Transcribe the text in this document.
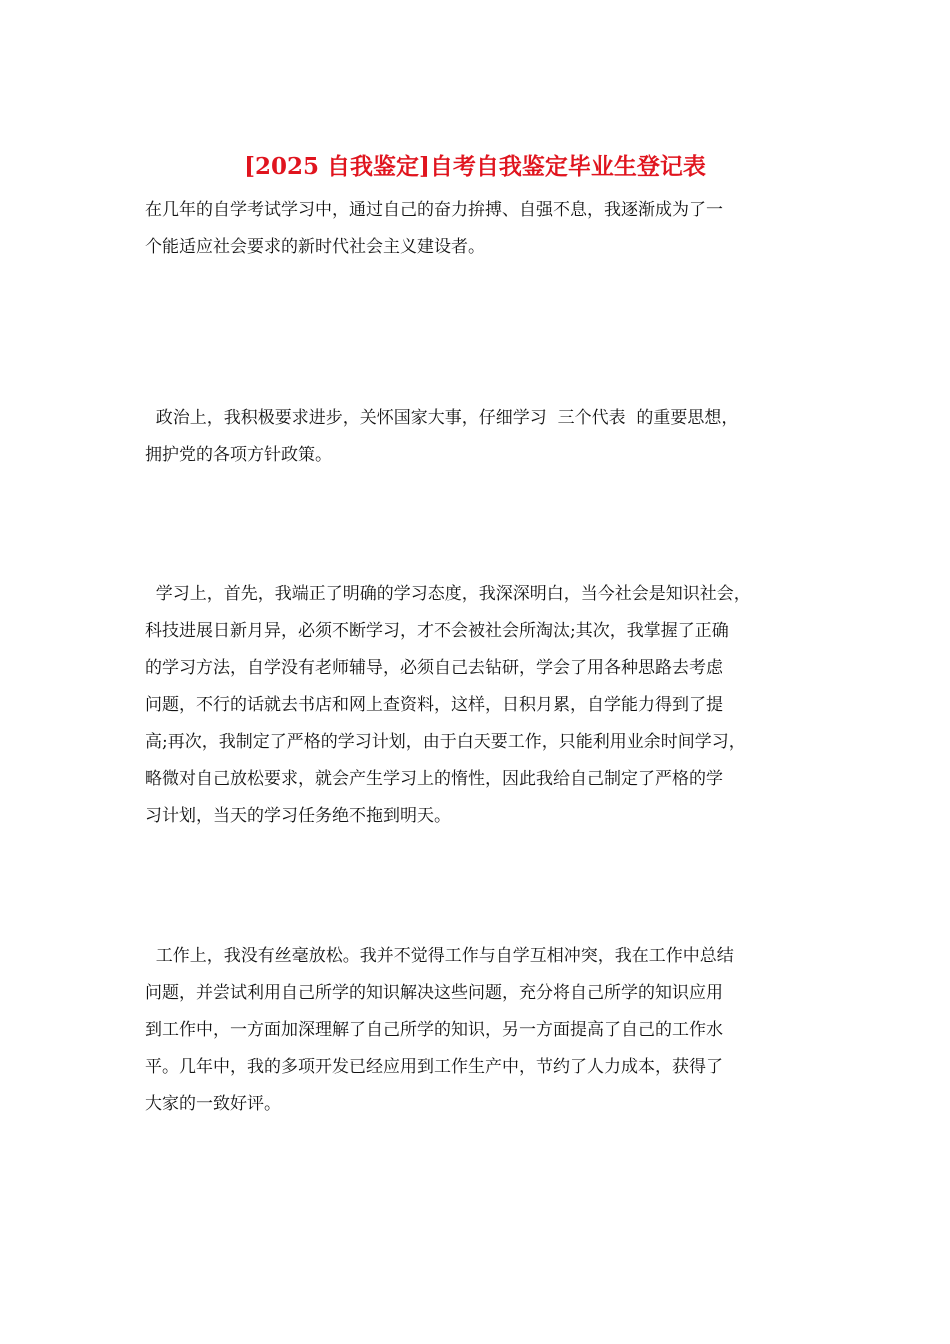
[2025 自我鉴定]自考自我鉴定毕业生登记表
在几年的自学考试学习中，通过自己的奋力拚搏、自强不息，我逐渐成为了一
个能适应社会要求的新时代社会主义建设者。
政治上，我积极要求进步，关怀国家大事，仔细学习  三个代表  的重要思想，
拥护党的各项方针政策。
学习上，首先，我端正了明确的学习态度，我深深明白，当今社会是知识社会，
科技进展日新月异，必须不断学习，才不会被社会所淘汰;其次，我掌握了正确
的学习方法，自学没有老师辅导，必须自己去钻研，学会了用各种思路去考虑
问题，不行的话就去书店和网上查资料，这样，日积月累，自学能力得到了提
高;再次，我制定了严格的学习计划，由于白天要工作，只能利用业余时间学习，
略微对自己放松要求，就会产生学习上的惰性，因此我给自己制定了严格的学
习计划，当天的学习任务绝不拖到明天。
工作上，我没有丝毫放松。我并不觉得工作与自学互相冲突，我在工作中总结
问题，并尝试利用自己所学的知识解决这些问题，充分将自己所学的知识应用
到工作中，一方面加深理解了自己所学的知识，另一方面提高了自己的工作水
平。几年中，我的多项开发已经应用到工作生产中，节约了人力成本，获得了
大家的一致好评。
